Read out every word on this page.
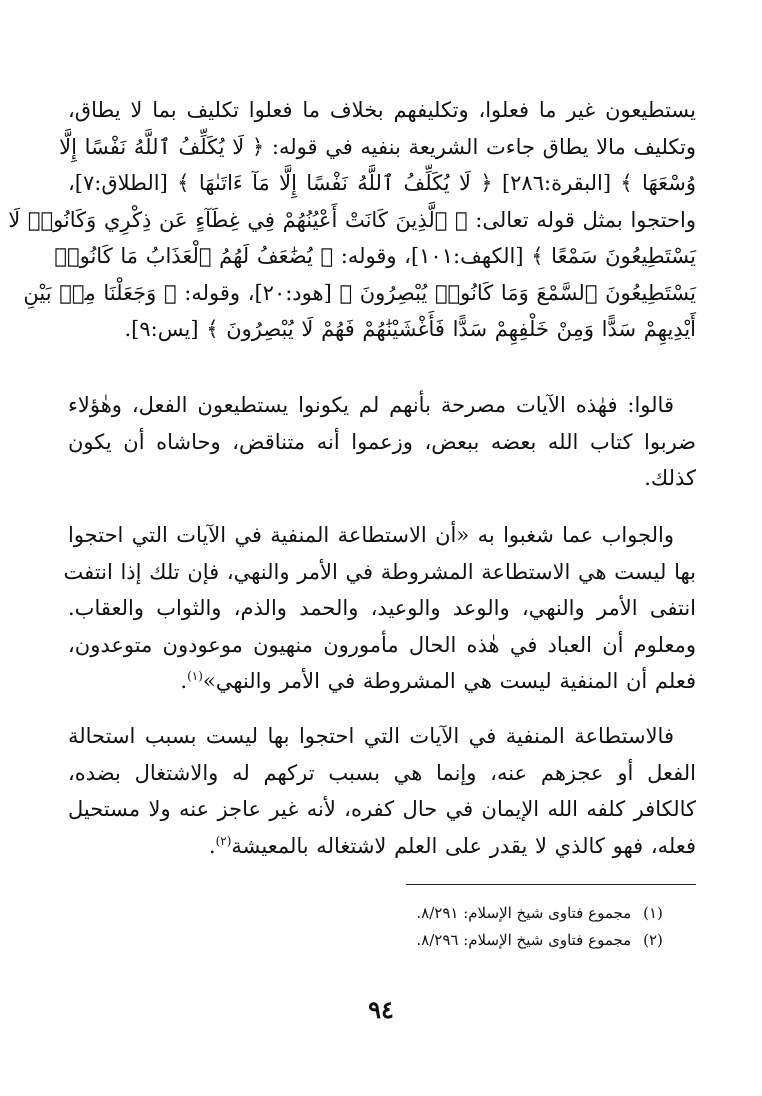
يستطيعون غير ما فعلوا، وتكليفهم بخلاف ما فعلوا تكليف بما لا يطاق،
وتكليف مالا يطاق جاءت الشريعة بنفيه في قوله: ﴿ لَا يُكَلِّفُ ٱللَّهُ نَفْسًا إِلَّا
وُسْعَهَا ﴾ [البقرة:٢٨٦] ﴿ لَا يُكَلِّفُ ٱللَّهُ نَفْسًا إِلَّا مَآ ءَاتَىٰهَا ﴾ [الطلاق:٧]،
واحتجوا بمثل قوله تعالى: ﴿ ٱلَّذِينَ كَانَتْ أَعْيُنُهُمْ فِي غِطَآءٍ عَن ذِكْرِي وَكَانُوا۟ لَا
يَسْتَطِيعُونَ سَمْعًا ﴾ [الكهف:١٠١]، وقوله: ﴿ يُضَٰعَفُ لَهُمُ ٱلْعَذَابُ مَا كَانُوا۟
يَسْتَطِيعُونَ ٱلسَّمْعَ وَمَا كَانُوا۟ يُبْصِرُونَ ﴾ [هود:٢٠]، وقوله: ﴿ وَجَعَلْنَا مِنۢ بَيْنِ
أَيْدِيهِمْ سَدًّا وَمِنْ خَلْفِهِمْ سَدًّا فَأَغْشَيْنَٰهُمْ فَهُمْ لَا يُبْصِرُونَ ﴾ [يس:٩].
قالوا: فهٰذه الآيات مصرحة بأنهم لم يكونوا يستطيعون الفعل، وهٰؤلاء
ضربوا كتاب الله بعضه ببعض، وزعموا أنه متناقض، وحاشاه أن يكون
كذلك.
والجواب عما شغبوا به «أن الاستطاعة المنفية في الآيات التي احتجوا
بها ليست هي الاستطاعة المشروطة في الأمر والنهي، فإن تلك إذا انتفت
انتفى الأمر والنهي، والوعد والوعيد، والحمد والذم، والثواب والعقاب.
ومعلوم أن العباد في هٰذه الحال مأمورون منهيون موعودون متوعدون،
فعلم أن المنفية ليست هي المشروطة في الأمر والنهي»$^{(١)}$.
فالاستطاعة المنفية في الآيات التي احتجوا بها ليست بسبب استحالة
الفعل أو عجزهم عنه، وإنما هي بسبب تركهم له والاشتغال بضده،
كالكافر كلفه الله الإيمان في حال كفره، لأنه غير عاجز عنه ولا مستحيل
فعله، فهو كالذي لا يقدر على العلم لاشتغاله بالمعيشة$^{(٢)}$.
(١) مجموع فتاوى شيخ الإسلام: ٨/٢٩١.
(٢) مجموع فتاوى شيخ الإسلام: ٨/٢٩٦.
٩٤
